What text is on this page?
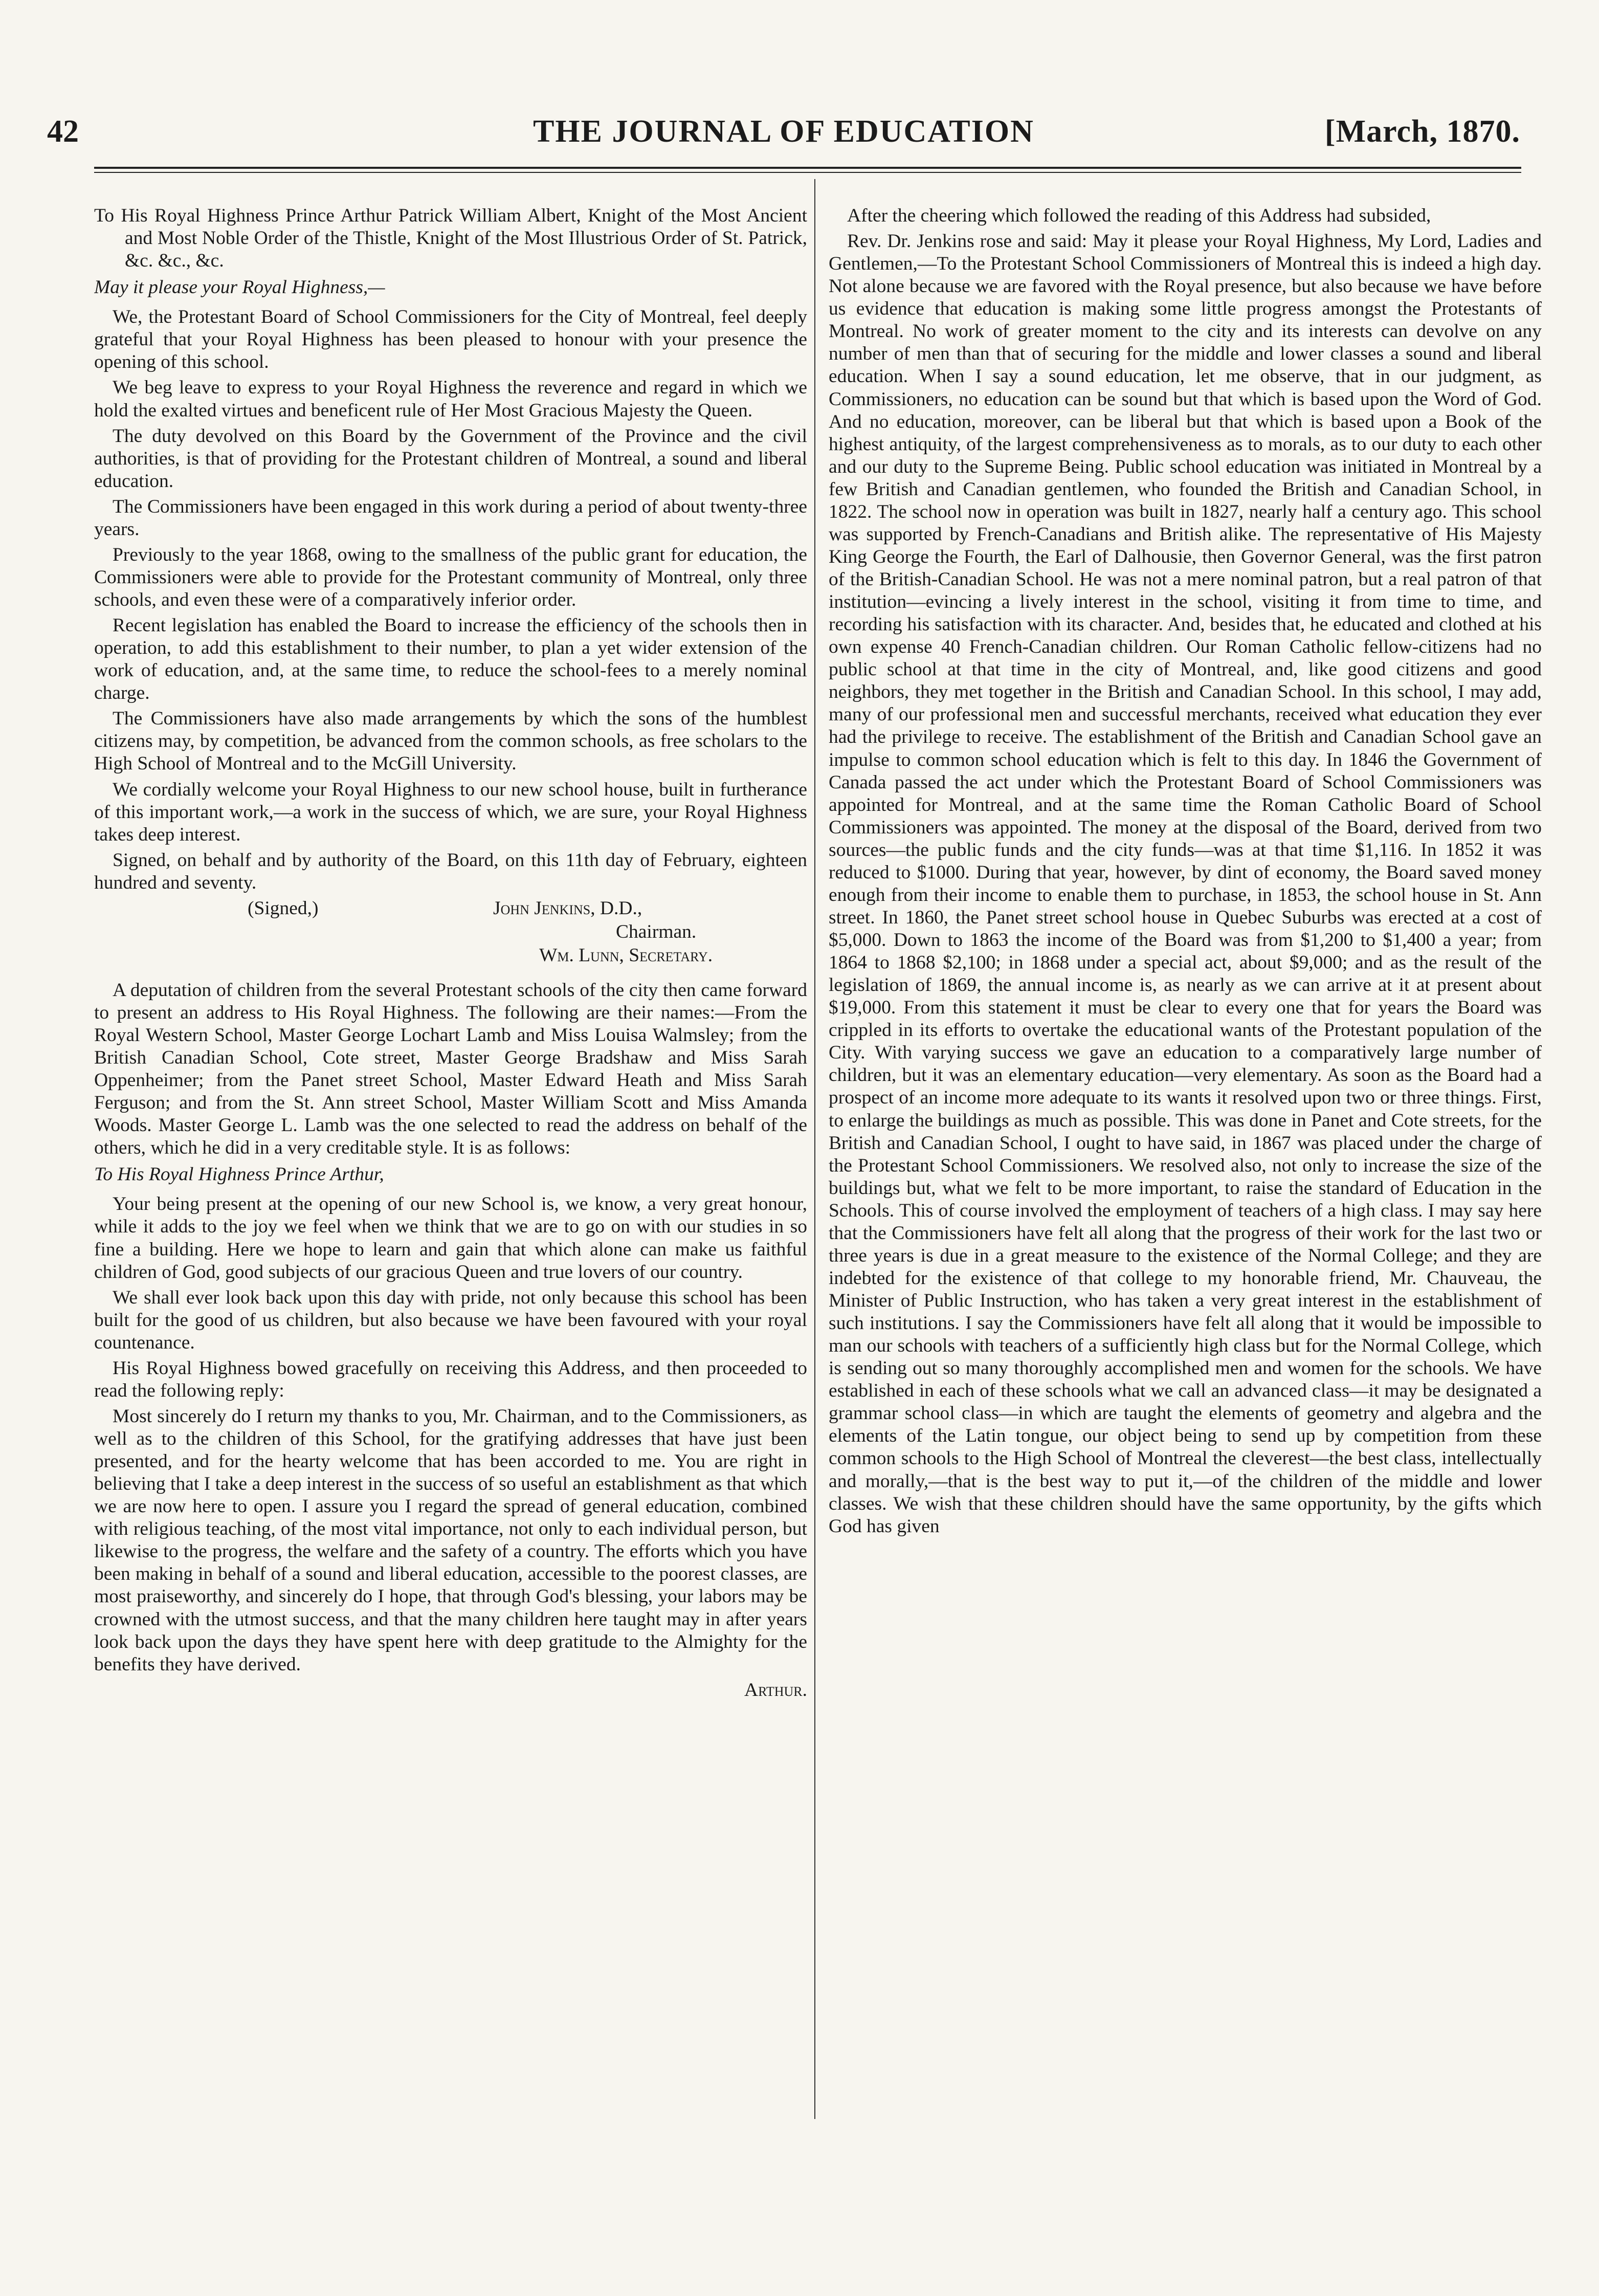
42	THE JOURNAL OF EDUCATION	[March, 1870.

To His Royal Highness Prince Arthur Patrick William Albert, Knight of the Most Ancient and Most Noble Order of the Thistle, Knight of the Most Illustrious Order of St. Patrick, &c. &c., &c.

May it please your Royal Highness,—

We, the Protestant Board of School Commissioners for the City of Montreal, feel deeply grateful that your Royal Highness has been pleased to honour with your presence the opening of this school.

We beg leave to express to your Royal Highness the reverence and regard in which we hold the exalted virtues and beneficent rule of Her Most Gracious Majesty the Queen.

The duty devolved on this Board by the Government of the Province and the civil authorities, is that of providing for the Protestant children of Montreal, a sound and liberal education.

The Commissioners have been engaged in this work during a period of about twenty-three years.

Previously to the year 1868, owing to the smallness of the public grant for education, the Commissioners were able to provide for the Protestant community of Montreal, only three schools, and even these were of a comparatively inferior order.

Recent legislation has enabled the Board to increase the efficiency of the schools then in operation, to add this establishment to their number, to plan a yet wider extension of the work of education, and, at the same time, to reduce the school-fees to a merely nominal charge.

The Commissioners have also made arrangements by which the sons of the humblest citizens may, by competition, be advanced from the common schools, as free scholars to the High School of Montreal and to the McGill University.

We cordially welcome your Royal Highness to our new school house, built in furtherance of this important work,—a work in the success of which, we are sure, your Royal Highness takes deep interest.

Signed, on behalf and by authority of the Board, on this 11th day of February, eighteen hundred and seventy.

(Signed,)	John Jenkins, D.D.,
Chairman.
Wm. Lunn, Secretary.

A deputation of children from the several Protestant schools of the city then came forward to present an address to His Royal Highness. The following are their names:—From the Royal Western School, Master George Lochart Lamb and Miss Louisa Walmsley; from the British Canadian School, Cote street, Master George Bradshaw and Miss Sarah Oppenheimer; from the Panet street School, Master Edward Heath and Miss Sarah Ferguson; and from the St. Ann street School, Master William Scott and Miss Amanda Woods. Master George L. Lamb was the one selected to read the address on behalf of the others, which he did in a very creditable style. It is as follows:

To His Royal Highness Prince Arthur,

Your being present at the opening of our new School is, we know, a very great honour, while it adds to the joy we feel when we think that we are to go on with our studies in so fine a building. Here we hope to learn and gain that which alone can make us faithful children of God, good subjects of our gracious Queen and true lovers of our country.

We shall ever look back upon this day with pride, not only because this school has been built for the good of us children, but also because we have been favoured with your royal countenance.

His Royal Highness bowed gracefully on receiving this Address, and then proceeded to read the following reply:

Most sincerely do I return my thanks to you, Mr. Chairman, and to the Commissioners, as well as to the children of this School, for the gratifying addresses that have just been presented, and for the hearty welcome that has been accorded to me. You are right in believing that I take a deep interest in the success of so useful an establishment as that which we are now here to open. I assure you I regard the spread of general education, combined with religious teaching, of the most vital importance, not only to each individual person, but likewise to the progress, the welfare and the safety of a country. The efforts which you have been making in behalf of a sound and liberal education, accessible to the poorest classes, are most praiseworthy, and sincerely do I hope, that through God's blessing, your labors may be crowned with the utmost success, and that the many children here taught may in after years look back upon the days they have spent here with deep gratitude to the Almighty for the benefits they have derived.

Arthur.

After the cheering which followed the reading of this Address had subsided,

Rev. Dr. Jenkins rose and said: May it please your Royal Highness, My Lord, Ladies and Gentlemen,—To the Protestant School Commissioners of Montreal this is indeed a high day. Not alone because we are favored with the Royal presence, but also because we have before us evidence that education is making some little progress amongst the Protestants of Montreal. No work of greater moment to the city and its interests can devolve on any number of men than that of securing for the middle and lower classes a sound and liberal education. When I say a sound education, let me observe, that in our judgment, as Commissioners, no education can be sound but that which is based upon the Word of God. And no education, moreover, can be liberal but that which is based upon a Book of the highest antiquity, of the largest comprehensiveness as to morals, as to our duty to each other and our duty to the Supreme Being. Public school education was initiated in Montreal by a few British and Canadian gentlemen, who founded the British and Canadian School, in 1822. The school now in operation was built in 1827, nearly half a century ago. This school was supported by French-Canadians and British alike. The representative of His Majesty King George the Fourth, the Earl of Dalhousie, then Governor General, was the first patron of the British-Canadian School. He was not a mere nominal patron, but a real patron of that institution—evincing a lively interest in the school, visiting it from time to time, and recording his satisfaction with its character. And, besides that, he educated and clothed at his own expense 40 French-Canadian children. Our Roman Catholic fellow-citizens had no public school at that time in the city of Montreal, and, like good citizens and good neighbors, they met together in the British and Canadian School. In this school, I may add, many of our professional men and successful merchants, received what education they ever had the privilege to receive. The establishment of the British and Canadian School gave an impulse to common school education which is felt to this day. In 1846 the Government of Canada passed the act under which the Protestant Board of School Commissioners was appointed for Montreal, and at the same time the Roman Catholic Board of School Commissioners was appointed. The money at the disposal of the Board, derived from two sources—the public funds and the city funds—was at that time $1,116. In 1852 it was reduced to $1000. During that year, however, by dint of economy, the Board saved money enough from their income to enable them to purchase, in 1853, the school house in St. Ann street. In 1860, the Panet street school house in Quebec Suburbs was erected at a cost of $5,000. Down to 1863 the income of the Board was from $1,200 to $1,400 a year; from 1864 to 1868 $2,100; in 1868 under a special act, about $9,000; and as the result of the legislation of 1869, the annual income is, as nearly as we can arrive at it at present about $19,000. From this statement it must be clear to every one that for years the Board was crippled in its efforts to overtake the educational wants of the Protestant population of the City. With varying success we gave an education to a comparatively large number of children, but it was an elementary education—very elementary. As soon as the Board had a prospect of an income more adequate to its wants it resolved upon two or three things. First, to enlarge the buildings as much as possible. This was done in Panet and Cote streets, for the British and Canadian School, I ought to have said, in 1867 was placed under the charge of the Protestant School Commissioners. We resolved also, not only to increase the size of the buildings but, what we felt to be more important, to raise the standard of Education in the Schools. This of course involved the employment of teachers of a high class. I may say here that the Commissioners have felt all along that the progress of their work for the last two or three years is due in a great measure to the existence of the Normal College; and they are indebted for the existence of that college to my honorable friend, Mr. Chauveau, the Minister of Public Instruction, who has taken a very great interest in the establishment of such institutions. I say the Commissioners have felt all along that it would be impossible to man our schools with teachers of a sufficiently high class but for the Normal College, which is sending out so many thoroughly accomplished men and women for the schools. We have established in each of these schools what we call an advanced class—it may be designated a grammar school class—in which are taught the elements of geometry and algebra and the elements of the Latin tongue, our object being to send up by competition from these common schools to the High School of Montreal the cleverest—the best class, intellectually and morally,—that is the best way to put it,—of the children of the middle and lower classes. We wish that these children should have the same opportunity, by the gifts which God has given
